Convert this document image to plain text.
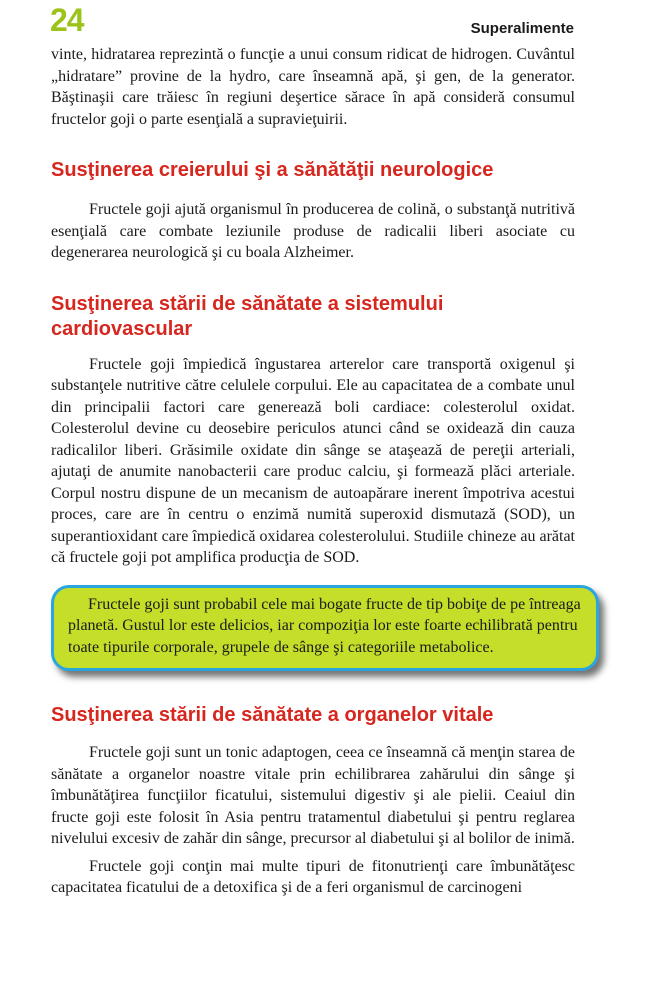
24	Superalimente

vinte, hidratarea reprezintă o funcţie a unui consum ridicat de hidrogen. Cuvântul „hidratare” provine de la hydro, care înseamnă apă, şi gen, de la generator. Băştinaşii care trăiesc în regiuni deşertice sărace în apă consideră consumul fructelor goji o parte esenţială a supravieţuirii.

Susţinerea creierului şi a sănătăţii neurologice

Fructele goji ajută organismul în producerea de colină, o substanţă nutritivă esenţială care combate leziunile produse de radicalii liberi asociate cu degenerarea neurologică şi cu boala Alzheimer.

Susţinerea stării de sănătate a sistemului cardiovascular

Fructele goji împiedică îngustarea arterelor care transportă oxigenul şi substanţele nutritive către celulele corpului. Ele au capacitatea de a combate unul din principalii factori care generează boli cardiace: colesterolul oxidat. Colesterolul devine cu deosebire periculos atunci când se oxidează din cauza radicalilor liberi. Grăsimile oxidate din sânge se ataşează de pereţii arteriali, ajutaţi de anumite nanobacterii care produc calciu, şi formează plăci arteriale. Corpul nostru dispune de un mecanism de autoapărare inerent împotriva acestui proces, care are în centru o enzimă numită superoxid dismutază (SOD), un superantioxidant care împiedică oxidarea colesterolului. Studiile chineze au arătat că fructele goji pot amplifica producţia de SOD.

Fructele goji sunt probabil cele mai bogate fructe de tip bobiţe de pe întreaga planetă. Gustul lor este delicios, iar compoziţia lor este foarte echilibrată pentru toate tipurile corporale, grupele de sânge şi categoriile metabolice.

Susţinerea stării de sănătate a organelor vitale

Fructele goji sunt un tonic adaptogen, ceea ce înseamnă că menţin starea de sănătate a organelor noastre vitale prin echilibrarea zahărului din sânge şi îmbunătăţirea funcţiilor ficatului, sistemului digestiv şi ale pielii. Ceaiul din fructe goji este folosit în Asia pentru tratamentul diabetului şi pentru reglarea nivelului excesiv de zahăr din sânge, precursor al diabetului şi al bolilor de inimă.

Fructele goji conţin mai multe tipuri de fitonutrienţi care îmbunătăţesc capacitatea ficatului de a detoxifica şi de a feri organismul de carcinogeni
